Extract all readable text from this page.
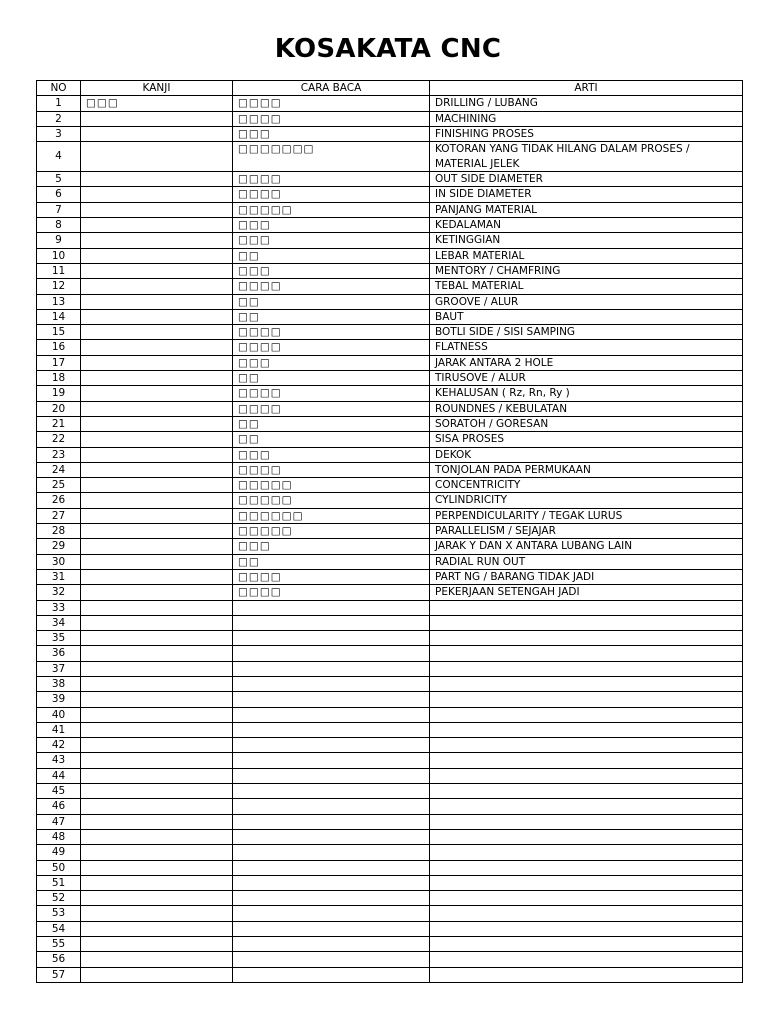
KOSAKATA CNC
NO	KANJI	CARA BACA	ARTI
1	□□□	□□□□	DRILLING / LUBANG
2		□□□□	MACHINING
3		□□□	FINISHING PROSES
4		□□□□□□□	KOTORAN YANG TIDAK HILANG DALAM PROSES / MATERIAL JELEK
5		□□□□	OUT SIDE DIAMETER
6		□□□□	IN SIDE DIAMETER
7		□□□□□	PANJANG MATERIAL
8		□□□	KEDALAMAN
9		□□□	KETINGGIAN
10		□□	LEBAR MATERIAL
11		□□□	MENTORY / CHAMFRING
12		□□□□	TEBAL MATERIAL
13		□□	GROOVE / ALUR
14		□□	BAUT
15		□□□□	BOTLI SIDE / SISI SAMPING
16		□□□□	FLATNESS
17		□□□	JARAK ANTARA 2 HOLE
18		□□	TIRUSOVE / ALUR
19		□□□□	KEHALUSAN ( Rz, Rn, Ry )
20		□□□□	ROUNDNES / KEBULATAN
21		□□	SORATOH / GORESAN
22		□□	SISA PROSES
23		□□□	DEKOK
24		□□□□	TONJOLAN PADA PERMUKAAN
25		□□□□□	CONCENTRICITY
26		□□□□□	CYLINDRICITY
27		□□□□□□	PERPENDICULARITY / TEGAK LURUS
28		□□□□□	PARALLELISM / SEJAJAR
29		□□□	JARAK Y DAN X ANTARA LUBANG LAIN
30		□□	RADIAL RUN OUT
31		□□□□	PART NG / BARANG TIDAK JADI
32		□□□□	PEKERJAAN SETENGAH JADI
33			
34			
35			
36			
37			
38			
39			
40			
41			
42			
43			
44			
45			
46			
47			
48			
49			
50			
51			
52			
53			
54			
55			
56			
57			
